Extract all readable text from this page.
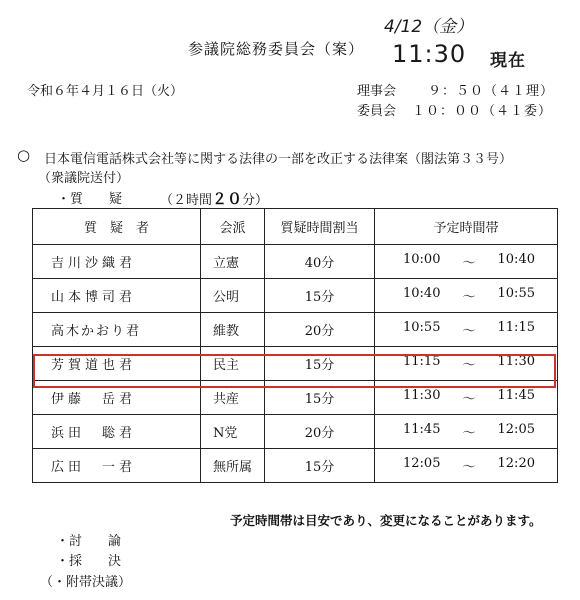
参議院総務委員会（案）
4/12（金）
11:30 現在
令和６年４月１６日（火）	理事会 ９：５０（４１理）
委員会 １０：００（４１委）
○ 日本電信電話株式会社等に関する法律の一部を改正する法律案（閣法第３３号）
（衆議院送付）
・質　　疑	（２時間２０分）
質　疑　者	会派	質疑時間割当	予定時間帯
吉川沙織君	立憲	40分	10:00 ～ 10:40

山本博司君	公明	15分	10:40 ～ 10:55

高木かおり君	維教	20分	10:55 ～ 11:15

芳賀道也君	民主	15分	11:15 ～ 11:30

伊藤　岳君	共産	15分	11:30 ～ 11:45

浜田　聡君	N党	20分	11:45 ～ 12:05

広田　一君	無所属	15分	12:05 ～ 12:20
予定時間帯は目安であり、変更になることがあります。
・討　　論
・採　　決
（・附帯決議）
